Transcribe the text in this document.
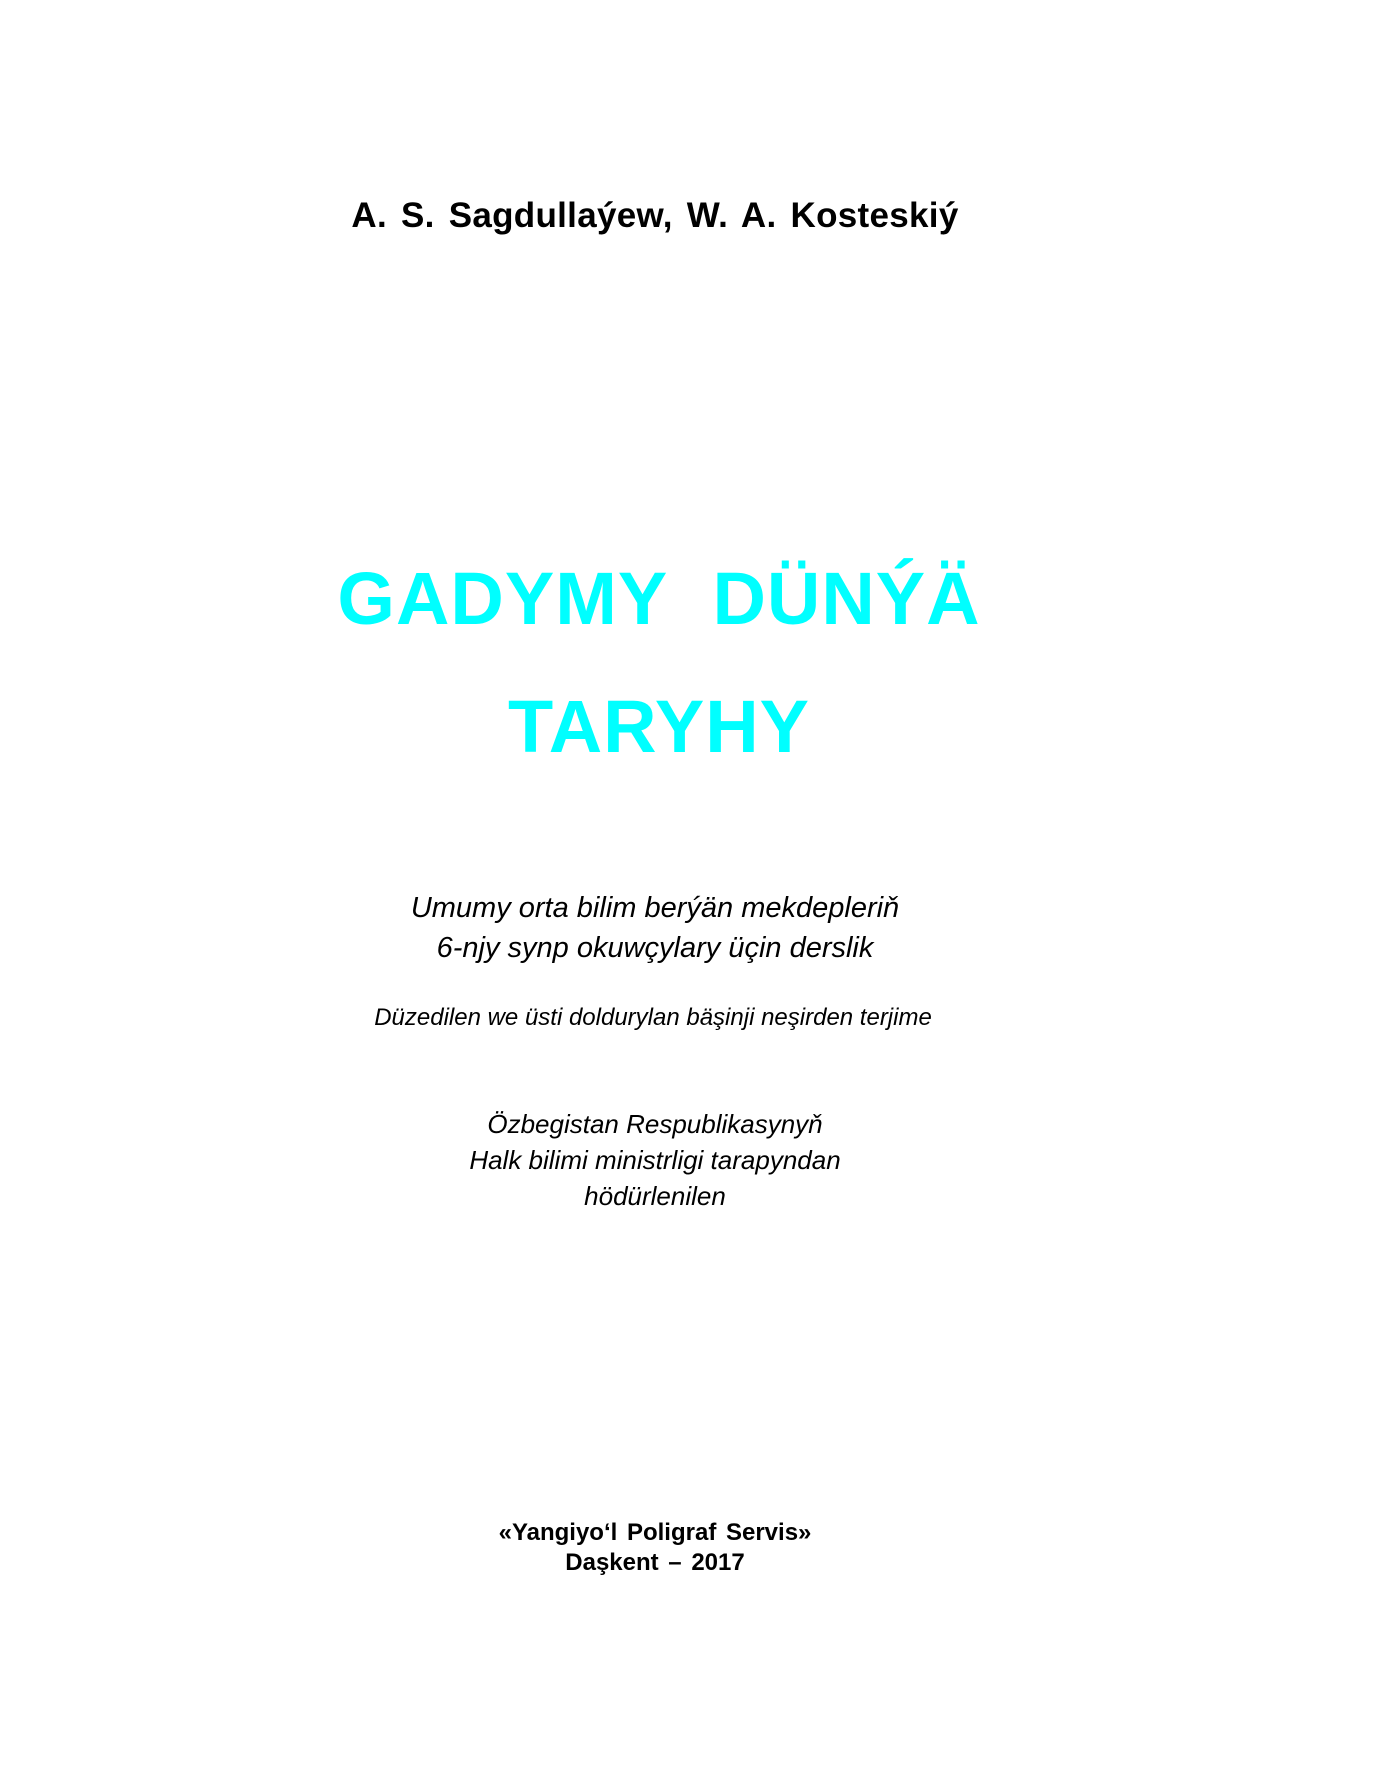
A. S. Sagdullaýew, W. A. Kosteskiý
GADYMY DÜNÝÄ
TARYHY
Umumy orta bilim berýän mekdepleriň
6-njy synp okuwçylary üçin derslik
Düzedilen we üsti doldurylan bäşinji neşirden terjime
Özbegistan Respublikasynyň
Halk bilimi ministrligi tarapyndan
hödürlenilen
«Yangiyo‘l Poligraf Servis»
Daşkent – 2017
